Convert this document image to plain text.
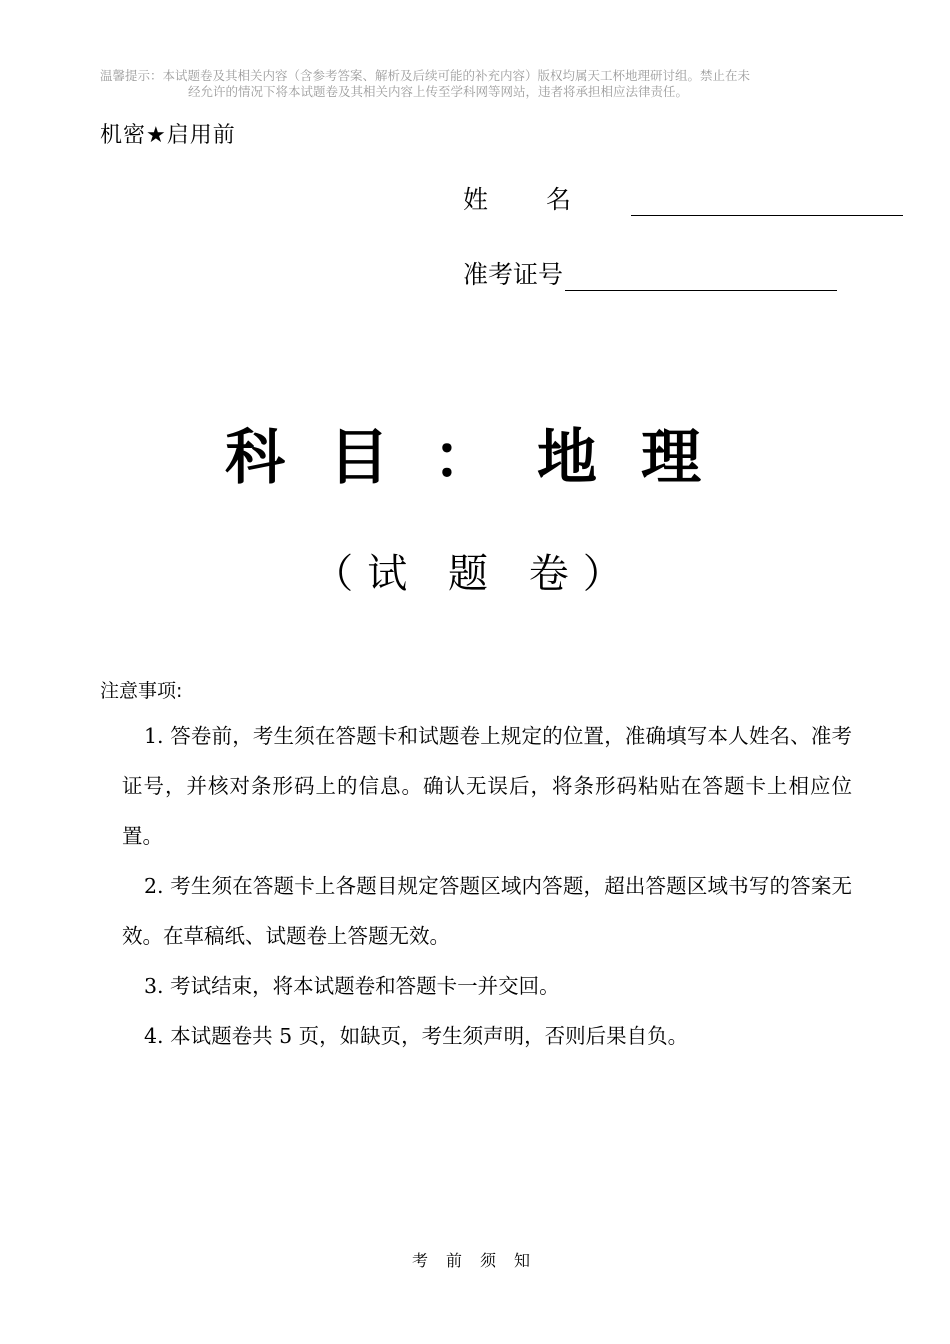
温馨提示：本试题卷及其相关内容（含参考答案、解析及后续可能的补充内容）版权均属天工杯地理研讨组。禁止在未
经允许的情况下将本试题卷及其相关内容上传至学科网等网站，违者将承担相应法律责任。
机密★启用前
姓名
准考证号
科目：地理
（试 题 卷）
注意事项:

1. 答卷前，考生须在答题卡和试题卷上规定的位置，准确填写本人姓名、准考证号，并核对条形码上的信息。确认无误后，将条形码粘贴在答题卡上相应位置。

2. 考生须在答题卡上各题目规定答题区域内答题，超出答题区域书写的答案无效。在草稿纸、试题卷上答题无效。

3. 考试结束，将本试题卷和答题卡一并交回。

4. 本试题卷共 5 页，如缺页，考生须声明，否则后果自负。

考前须知
